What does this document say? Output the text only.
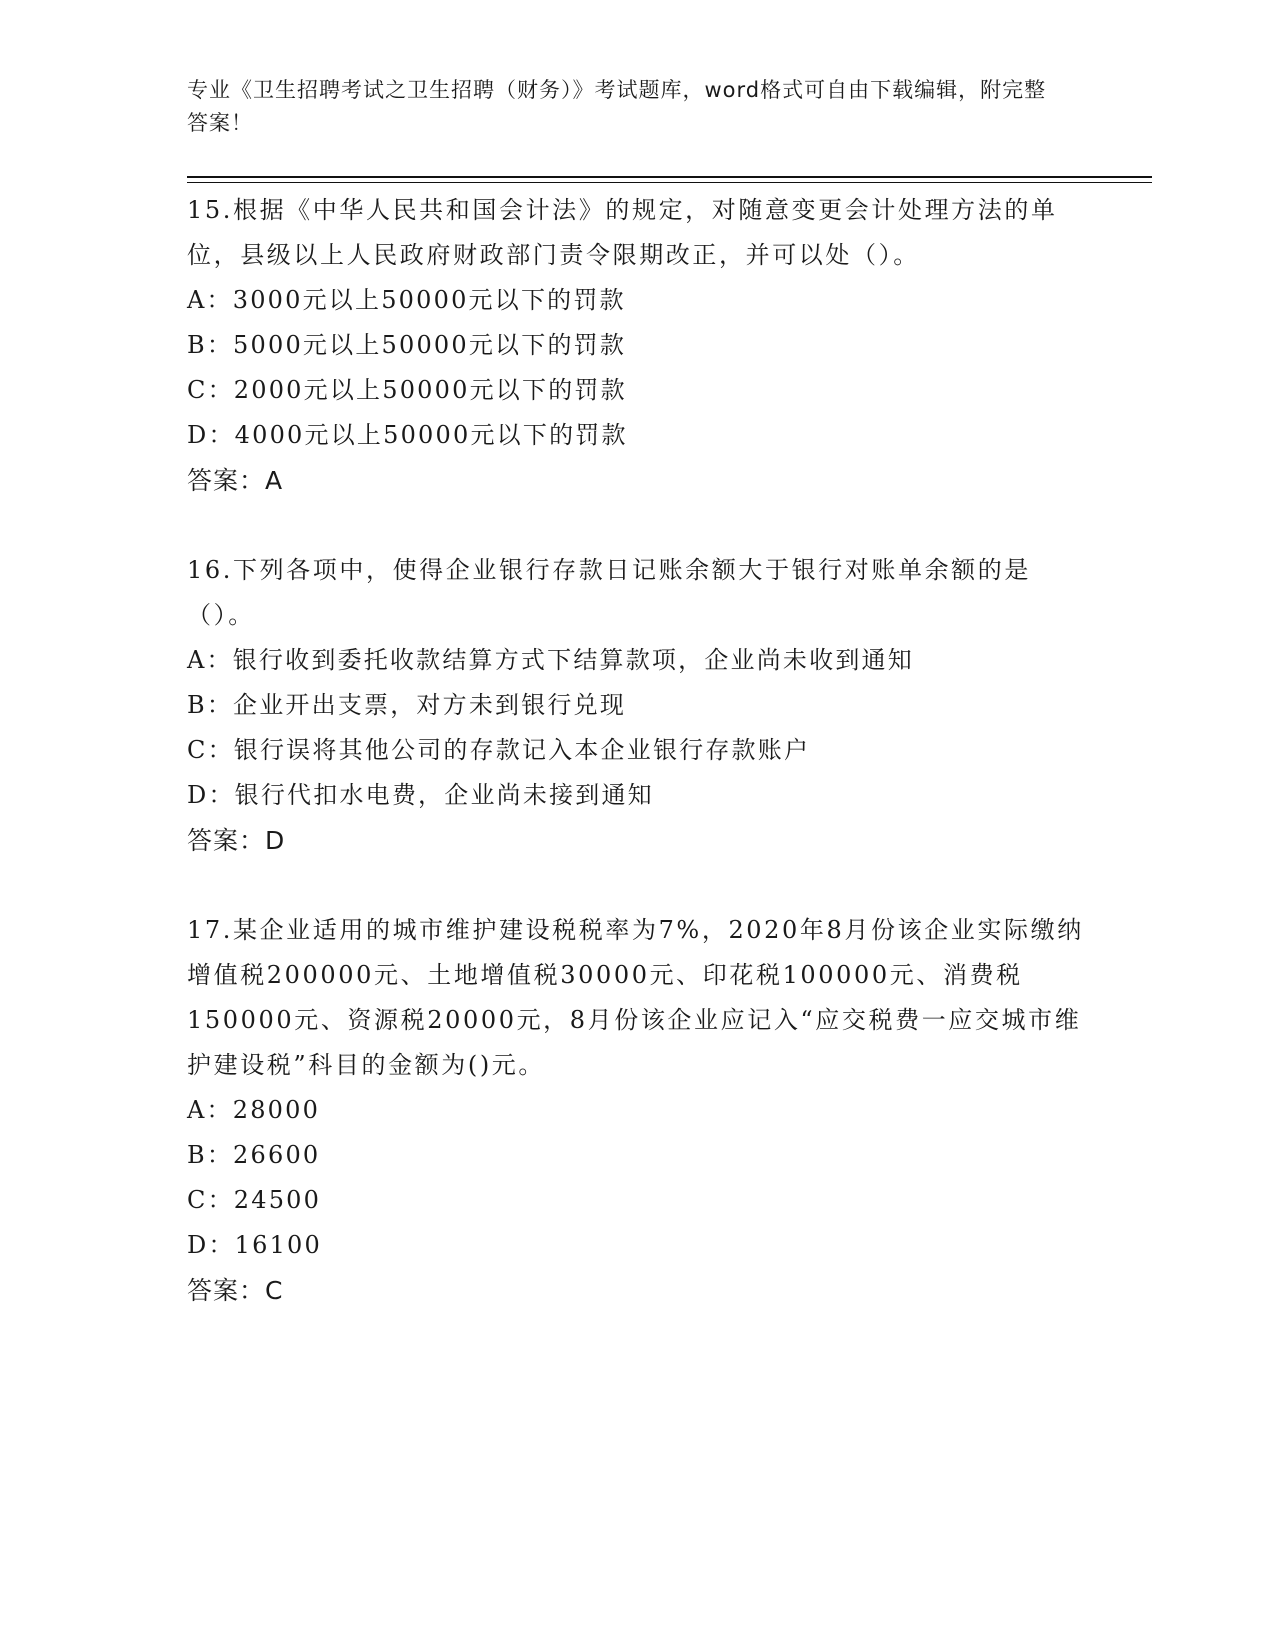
专业《卫生招聘考试之卫生招聘（财务）》考试题库，word格式可自由下载编辑，附完整答案！

15.根据《中华人民共和国会计法》的规定，对随意变更会计处理方法的单位，县级以上人民政府财政部门责令限期改正，并可以处（）。

A：3000元以上50000元以下的罚款

B：5000元以上50000元以下的罚款

C：2000元以上50000元以下的罚款

D：4000元以上50000元以下的罚款

答案：A

16.下列各项中，使得企业银行存款日记账余额大于银行对账单余额的是（）。

A：银行收到委托收款结算方式下结算款项，企业尚未收到通知

B：企业开出支票，对方未到银行兑现

C：银行误将其他公司的存款记入本企业银行存款账户

D：银行代扣水电费，企业尚未接到通知

答案：D

17.某企业适用的城市维护建设税税率为7%，2020年8月份该企业实际缴纳增值税200000元、土地增值税30000元、印花税100000元、消费税150000元、资源税20000元，8月份该企业应记入“应交税费一应交城市维护建设税”科目的金额为()元。

A：28000

B：26600

C：24500

D：16100

答案：C
